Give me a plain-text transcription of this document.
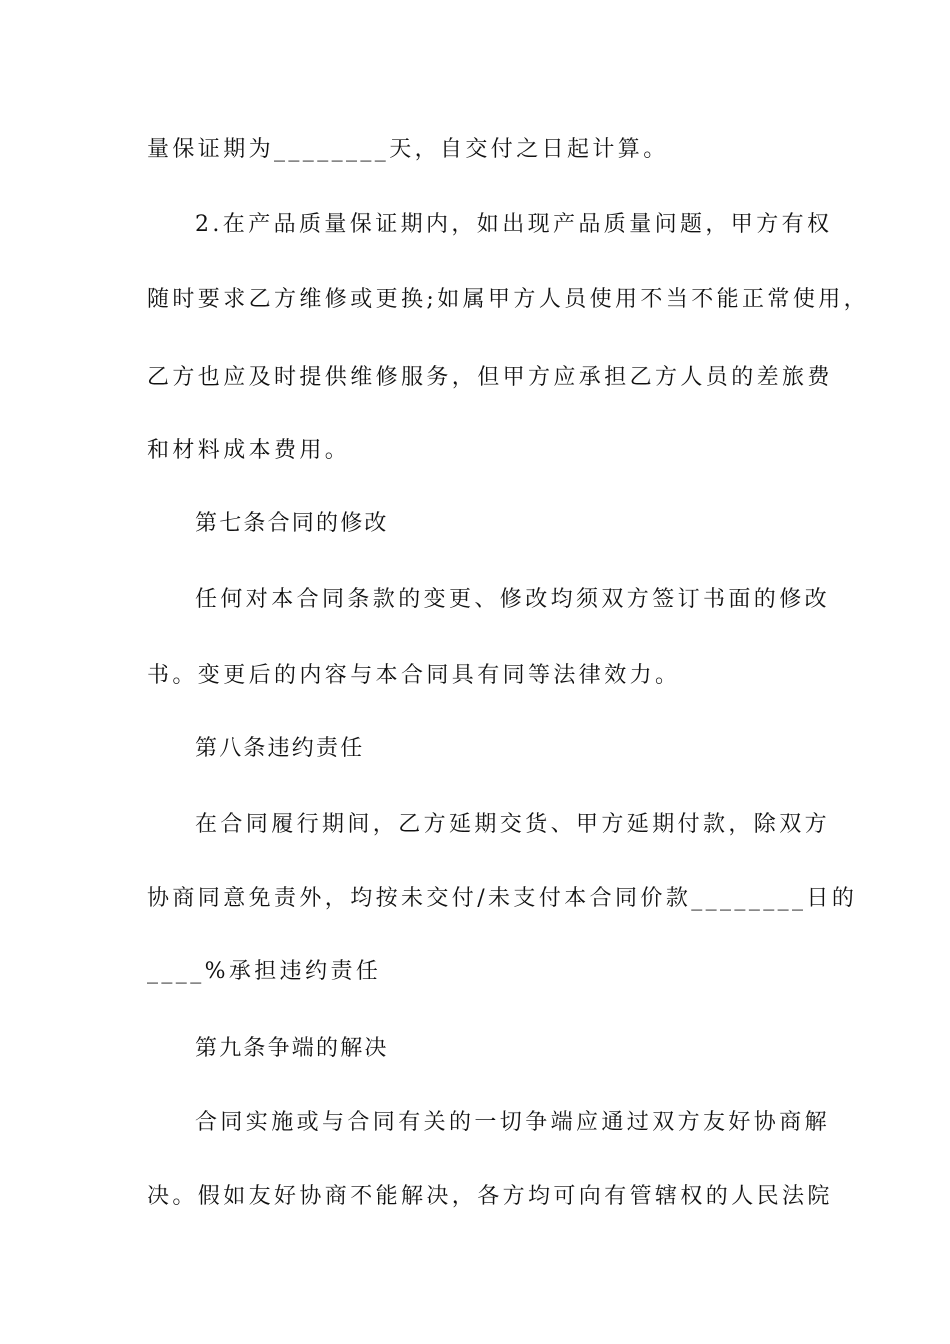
量保证期为________天，自交付之日起计算。
2.在产品质量保证期内，如出现产品质量问题，甲方有权
随时要求乙方维修或更换;如属甲方人员使用不当不能正常使用，
乙方也应及时提供维修服务，但甲方应承担乙方人员的差旅费
和材料成本费用。
第七条合同的修改
任何对本合同条款的变更、修改均须双方签订书面的修改
书。变更后的内容与本合同具有同等法律效力。
第八条违约责任
在合同履行期间，乙方延期交货、甲方延期付款，除双方
协商同意免责外，均按未交付/未支付本合同价款________日的
____%承担违约责任
第九条争端的解决
合同实施或与合同有关的一切争端应通过双方友好协商解
决。假如友好协商不能解决，各方均可向有管辖权的人民法院
